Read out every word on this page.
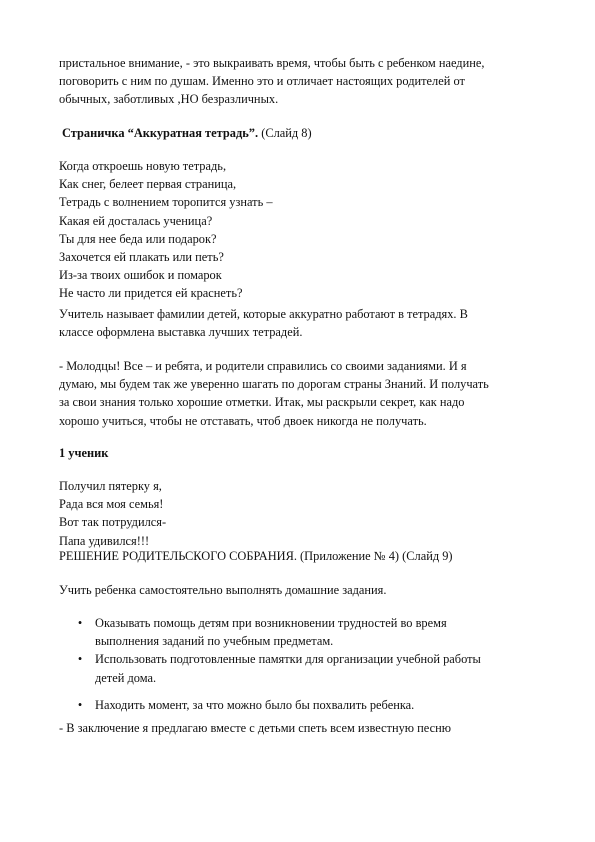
пристальное внимание, - это выкраивать время, чтобы быть с ребенком наедине,
поговорить с ним по душам. Именно это и отличает настоящих родителей от
обычных, заботливых ,НО безразличных.

Страничка “Аккуратная тетрадь”. (Слайд 8)

Когда откроешь новую тетрадь,
Как снег, белеет первая страница,
Тетрадь с волнением торопится узнать –
Какая ей досталась ученица?
Ты для нее беда или подарок?
Захочется ей плакать или петь?
Из-за твоих ошибок и помарок
Не часто ли придется ей краснеть?

Учитель называет фамилии детей, которые аккуратно работают в тетрадях. В
классе оформлена выставка лучших тетрадей.

- Молодцы! Все – и ребята, и родители справились со своими заданиями. И я
думаю, мы будем так же уверенно шагать по дорогам страны Знаний. И получать
за свои знания только хорошие отметки. Итак, мы раскрыли секрет, как надо
хорошо учиться, чтобы не отставать, чтоб двоек никогда не получать.

1 ученик

Получил пятерку я,
Рада вся моя семья!
Вот так потрудился-
Папа удивился!!!

РЕШЕНИЕ РОДИТЕЛЬСКОГО СОБРАНИЯ. (Приложение № 4) (Слайд 9)

Учить ребенка самостоятельно выполнять домашние задания.

• Оказывать помощь детям при возникновении трудностей во время
выполнения заданий по учебным предметам.
• Использовать подготовленные памятки для организации учебной работы
детей дома.
• Находить момент, за что можно было бы похвалить ребенка.

- В заключение я предлагаю вместе с детьми спеть всем известную песню
